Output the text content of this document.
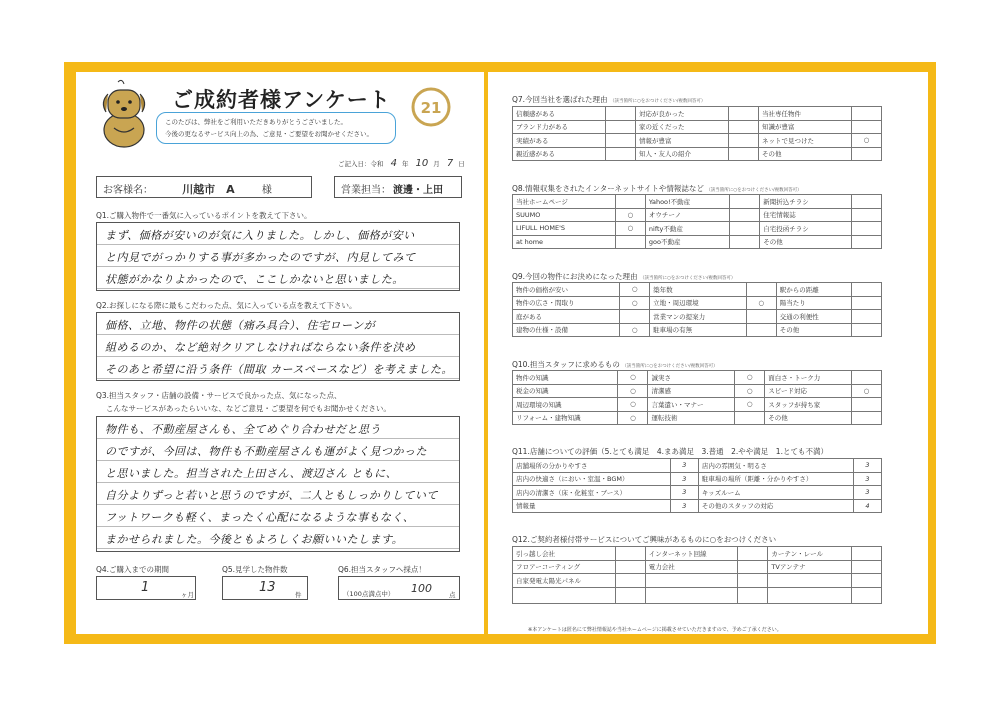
ご成約者様アンケート
このたびは、弊社をご利用いただきありがとうございました。
今後の更なるサービス向上の為、ご意見・ご要望をお聞かせください。
21
ご記入日：令和 4 年 10 月 7 日
お客様名：	川越市　A	様	営業担当： 渡邊・上田
Q1.ご購入物件で一番気に入っているポイントを教えて下さい。
まず、価格が安いのが気に入りました。しかし、価格が安い
と内見でがっかりする事が多かったのですが、内見してみて
状態がかなりよかったので、ここしかないと思いました。
Q2.お探しになる際に最もこだわった点、気に入っている点を教えて下さい。
価格、立地、物件の状態（痛み具合）、住宅ローンが
組めるのか、など絶対クリアしなければならない条件を決め
そのあと希望に沿う条件（間取 カースペースなど）を考えました。
Q3.担当スタッフ・店舗の設備・サービスで良かった点、気になった点、
こんなサービスがあったらいいな、などご意見・ご要望を何でもお聞かせください。
物件も、不動産屋さんも、全てめぐり合わせだと思う
のですが、今回は、物件も不動産屋さんも運がよく見つかった
と思いました。担当された上田さん、渡辺さん ともに、
自分よりずっと若いと思うのですが、二人ともしっかりしていて
フットワークも軽く、まったく心配になるような事もなく、
まかせられました。今後ともよろしくお願いいたします。
Q4.ご購入までの期間
1	ヶ月
Q5.見学した物件数
13	件
Q6.担当スタッフへ採点！
（100点満点中） 100	点
Q7.今回当社を選ばれた理由 （該当箇所に○をおつけください/複数回答可）
信頼感がある		対応が良かった		当社専任物件	
ブランド力がある		家の近くだった		知識が豊富	
実績がある		情報が豊富		ネットで見つけた	○
親近感がある		知人・友人の紹介		その他	
Q8.情報収集をされたインターネットサイトや情報誌など （該当箇所に○をおつけください/複数回答可）
当社ホームページ		Yahoo!不動産		新聞折込チラシ	
SUUMO	○	オウチーノ		住宅情報誌	
LIFULL HOME'S	○	nifty不動産		自宅投函チラシ	
at home		goo不動産		その他	
Q9.今回の物件にお決めになった理由 （該当箇所に○をおつけください/複数回答可）
物件の価格が安い	○	築年数		駅からの距離	
物件の広さ・間取り	○	立地・周辺環境	○	陽当たり	
庭がある		営業マンの提案力		交通の利便性	
建物の仕様・設備	○	駐車場の有無		その他	
Q10.担当スタッフに求めるもの （該当箇所に○をおつけください/複数回答可）
物件の知識	○	誠実さ	○	面白さ・トーク力	
税金の知識	○	清潔感	○	スピード対応	○
周辺環境の知識	○	言葉遣い・マナー	○	スタッフが持ち家	
リフォーム・建物知識	○	運転技術		その他	
Q11.店舗についての評価（5.とても満足　4.まあ満足　3.普通　2.やや満足　1.とても不満）
店舗場所の分かりやすさ	3	店内の雰囲気・明るさ	3
店内の快適さ（におい・室温・BGM）	3	駐車場の場所（距離・分かりやすさ）	3
店内の清潔さ（床・化粧室・ブース）	3	キッズルーム	3
情報量	3	その他のスタッフの対応	4
Q12.ご契約者様付帯サービスについてご興味があるものに○をおつけください
引っ越し会社		インターネット回線		カーテン・レール	
フロアーコーティング		電力会社		TVアンテナ	
自家発電太陽光パネル					

※本アンケートは匿名にて弊社情報誌や当社ホームページに掲載させていただきますので、予めご了承ください。
